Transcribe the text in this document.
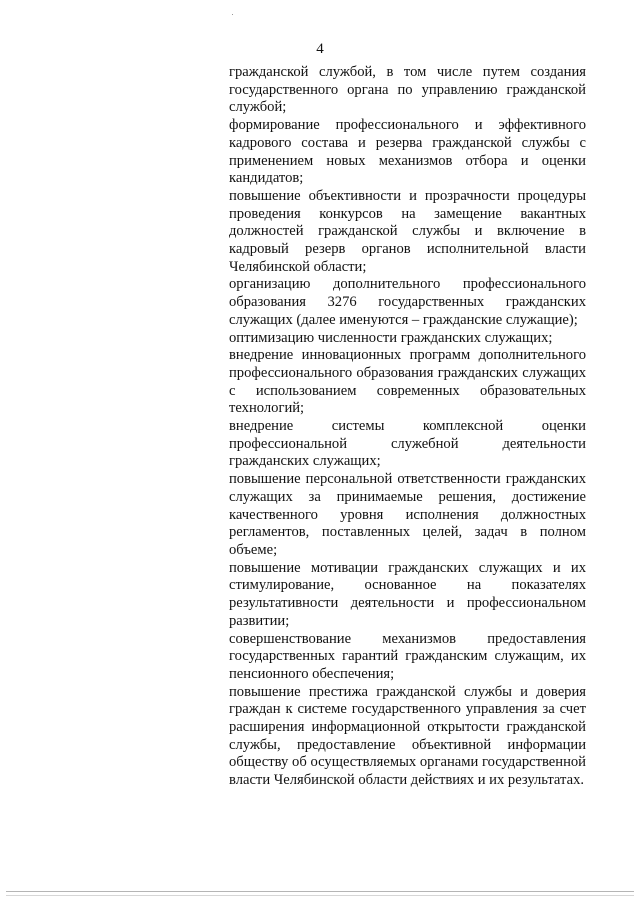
4

гражданской службой, в том числе путем создания государственного органа по управлению гражданской службой;

формирование профессионального и эффективного кадрового состава и резерва гражданской службы с применением новых механизмов отбора и оценки кандидатов;

повышение объективности и прозрачности процедуры проведения конкурсов на замещение вакантных должностей гражданской службы и включение в кадровый резерв органов исполнительной власти Челябинской области;

организацию дополнительного профессионального образования 3276 государственных гражданских служащих (далее именуются – гражданские служащие);

оптимизацию численности гражданских служащих;

внедрение инновационных программ дополнительного профессионального образования гражданских служащих с использованием современных образовательных технологий;

внедрение системы комплексной оценки профессиональной служебной деятельности гражданских служащих;

повышение персональной ответственности гражданских служащих за принимаемые решения, достижение качественного уровня исполнения должностных регламентов, поставленных целей, задач в полном объеме;

повышение мотивации гражданских служащих и их стимулирование, основанное на показателях результативности деятельности и профессиональном развитии;

совершенствование механизмов предоставления государственных гарантий гражданским служащим, их пенсионного обеспечения;

повышение престижа гражданской службы и доверия граждан к системе государственного управления за счет расширения информационной открытости гражданской службы, предоставление объективной информации обществу об осуществляемых органами государственной власти Челябинской области действиях и их результатах.
